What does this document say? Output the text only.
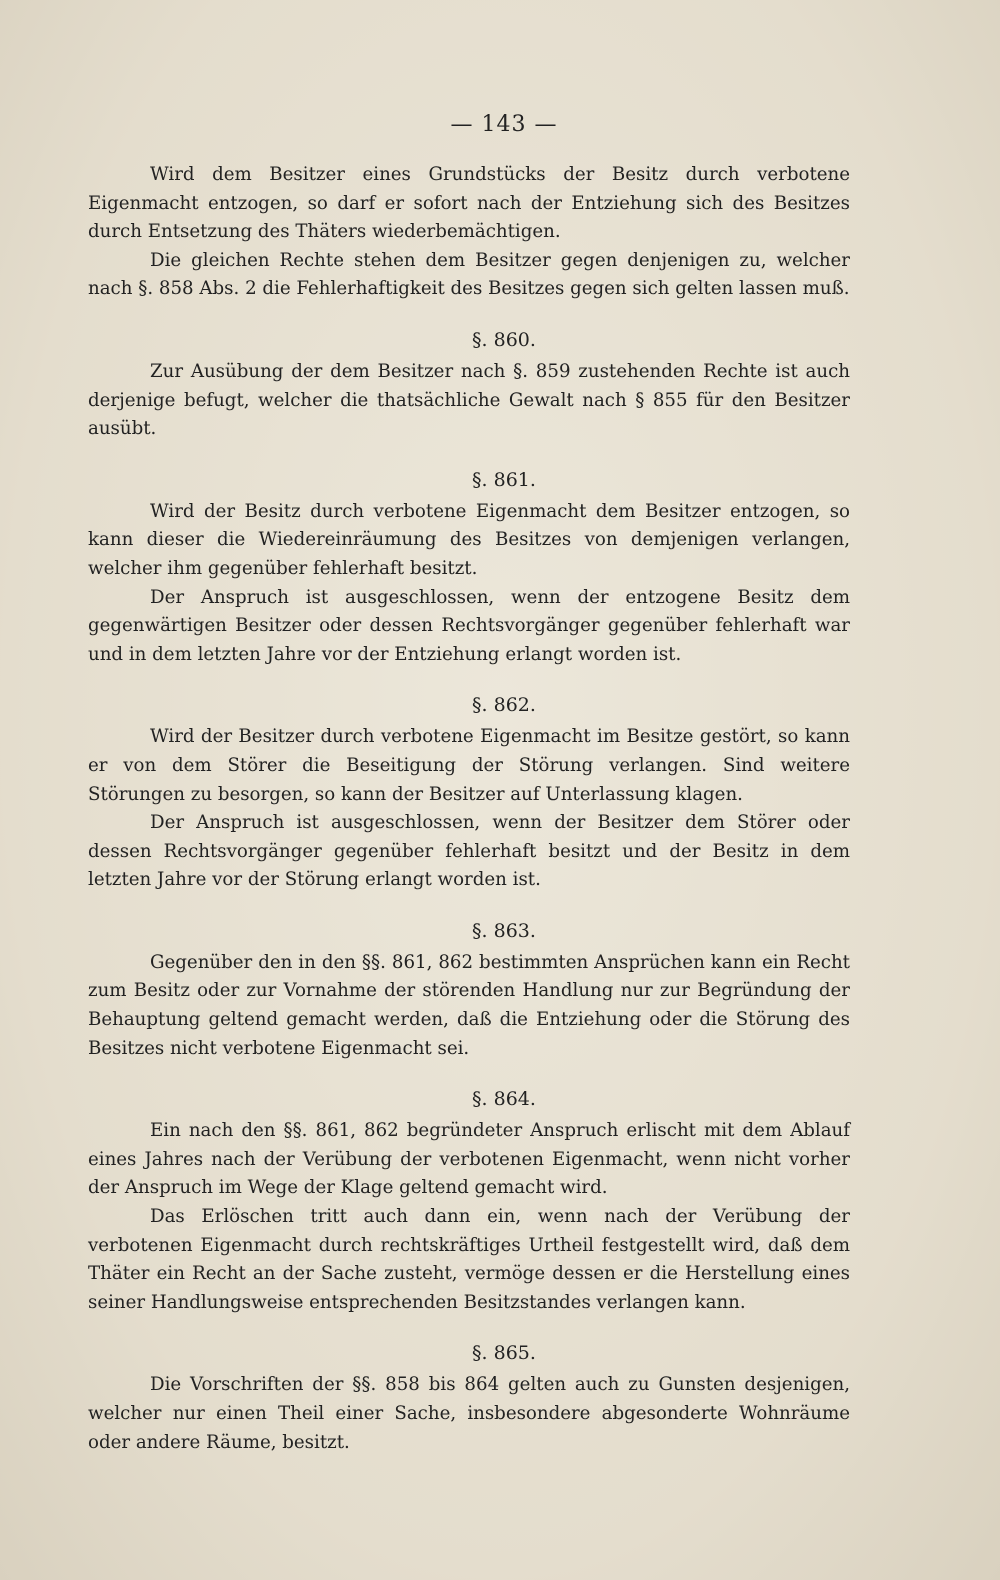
— 143 —

Wird dem Besitzer eines Grundstücks der Besitz durch verbotene Eigenmacht entzogen, so darf er sofort nach der Entziehung sich des Besitzes durch Entsetzung des Thäters wiederbemächtigen.

Die gleichen Rechte stehen dem Besitzer gegen denjenigen zu, welcher nach §. 858 Abs. 2 die Fehlerhaftigkeit des Besitzes gegen sich gelten lassen muß.

§. 860.

Zur Ausübung der dem Besitzer nach §. 859 zustehenden Rechte ist auch derjenige befugt, welcher die thatsächliche Gewalt nach § 855 für den Besitzer ausübt.

§. 861.

Wird der Besitz durch verbotene Eigenmacht dem Besitzer entzogen, so kann dieser die Wiedereinräumung des Besitzes von demjenigen verlangen, welcher ihm gegenüber fehlerhaft besitzt.

Der Anspruch ist ausgeschlossen, wenn der entzogene Besitz dem gegenwärtigen Besitzer oder dessen Rechtsvorgänger gegenüber fehlerhaft war und in dem letzten Jahre vor der Entziehung erlangt worden ist.

§. 862.

Wird der Besitzer durch verbotene Eigenmacht im Besitze gestört, so kann er von dem Störer die Beseitigung der Störung verlangen. Sind weitere Störungen zu besorgen, so kann der Besitzer auf Unterlassung klagen.

Der Anspruch ist ausgeschlossen, wenn der Besitzer dem Störer oder dessen Rechtsvorgänger gegenüber fehlerhaft besitzt und der Besitz in dem letzten Jahre vor der Störung erlangt worden ist.

§. 863.

Gegenüber den in den §§. 861, 862 bestimmten Ansprüchen kann ein Recht zum Besitz oder zur Vornahme der störenden Handlung nur zur Begründung der Behauptung geltend gemacht werden, daß die Entziehung oder die Störung des Besitzes nicht verbotene Eigenmacht sei.

§. 864.

Ein nach den §§. 861, 862 begründeter Anspruch erlischt mit dem Ablauf eines Jahres nach der Verübung der verbotenen Eigenmacht, wenn nicht vorher der Anspruch im Wege der Klage geltend gemacht wird.

Das Erlöschen tritt auch dann ein, wenn nach der Verübung der verbotenen Eigenmacht durch rechtskräftiges Urtheil festgestellt wird, daß dem Thäter ein Recht an der Sache zusteht, vermöge dessen er die Herstellung eines seiner Handlungsweise entsprechenden Besitzstandes verlangen kann.

§. 865.

Die Vorschriften der §§. 858 bis 864 gelten auch zu Gunsten desjenigen, welcher nur einen Theil einer Sache, insbesondere abgesonderte Wohnräume oder andere Räume, besitzt.
